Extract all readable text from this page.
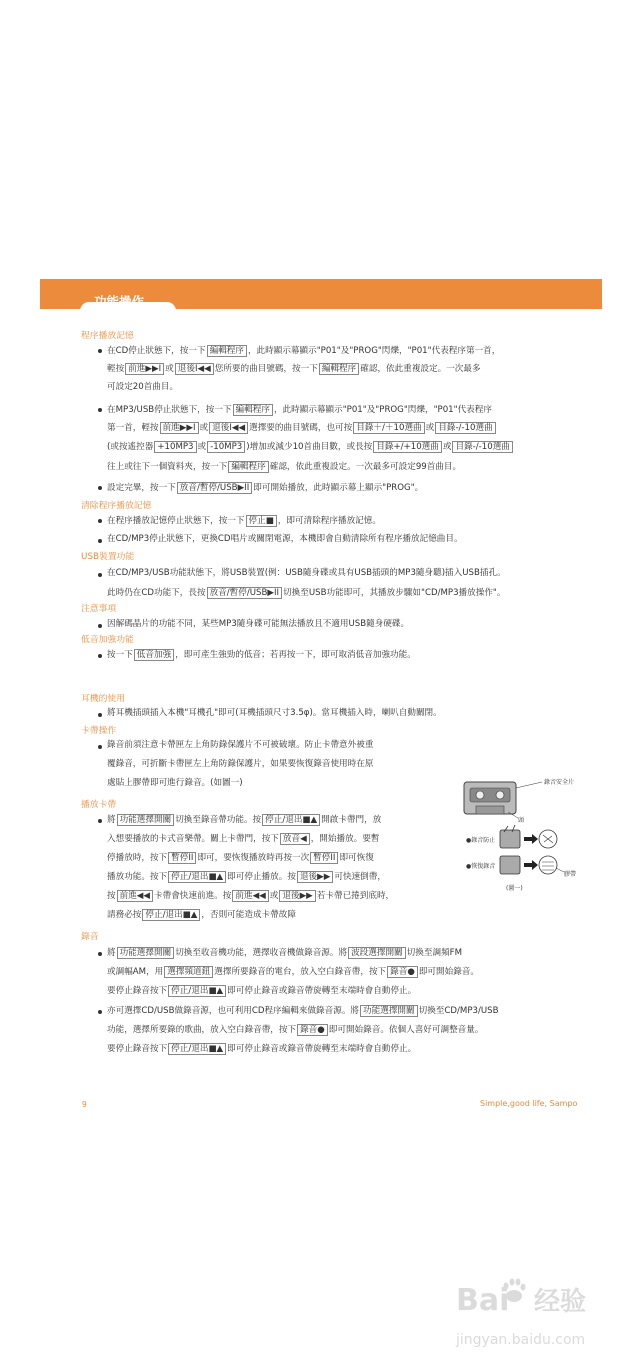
功能操作
程序播放記憶
在CD停止狀態下，按一下 編輯程序 ，此時顯示幕顯示"P01"及"PROG"閃爍，"P01"代表程序第一首，
輕按 前進▶▶I 或 退後I◀◀ 您所要的曲目號碼，按一下 編輯程序 確認，依此重複設定。一次最多
可設定20首曲目。
在MP3/USB停止狀態下，按一下 編輯程序 ，此時顯示幕顯示"P01"及"PROG"閃爍，"P01"代表程序
第一首，輕按 前進▶▶I 或 退後I◀◀ 選擇要的曲目號碼，也可按 目錄＋/＋10選曲 或 目錄-/-10選曲
(或按遙控器 +10MP3 或 -10MP3 )增加或減少10首曲目數，或長按 目錄+/+10選曲 或 目錄-/-10選曲
往上或往下一個資料夾，按一下 編輯程序 確認，依此重複設定。一次最多可設定99首曲目。
設定完畢，按一下 放音/暫停/USB▶II 即可開始播放，此時顯示幕上顯示"PROG"。
清除程序播放記憶
在程序播放記憶停止狀態下，按一下 停止■ ，即可清除程序播放記憶。
在CD/MP3停止狀態下，更換CD唱片或關閉電源，本機即會自動清除所有程序播放記憶曲目。
USB裝置功能
在CD/MP3/USB功能狀態下，將USB裝置(例：USB隨身碟或具有USB插頭的MP3隨身聽)插入USB插孔。
此時仍在CD功能下，長按 放音/暫停/USB▶II 切換至USB功能即可，其播放步驟如"CD/MP3播放操作"。
注意事項
因解碼晶片的功能不同，某些MP3隨身碟可能無法播放且不適用USB隨身硬碟。
低音加強功能
按一下 低音加強 ，即可產生強勁的低音；若再按一下，即可取消低音加強功能。
耳機的使用
將耳機插頭插入本機"耳機孔"即可(耳機插頭尺寸3.5φ)。當耳機插入時，喇叭自動關閉。
卡帶操作
錄音前須注意卡帶匣左上角防錄保護片不可被破壞。防止卡帶意外被重
覆錄音，可折斷卡帶匣左上角防錄保護片，如果要恢復錄音使用時在原
處貼上膠帶即可進行錄音。(如圖一)
播放卡帶
將 功能選擇開關 切換至錄音帶功能。按 停止/退出■▲ 開啟卡帶門，放
入想要播放的卡式音樂帶。關上卡帶門，按下 放音◀ ，開始播放。要暫
停播放時，按下 暫停II 即可，要恢復播放時再按一次 暫停II 即可恢復
播放功能。按下 停止/退出■▲ 即可停止播放。按 退後▶▶ 可快速倒帶，
按 前進◀◀ 卡帶會快速前進。按 前進◀◀ 或 退後▶▶ 若卡帶已捲到底時，
請務必按 停止/退出■▲ ，否則可能造成卡帶故障
錄音
將 功能選擇開關 切換至收音機功能，選擇收音機做錄音源。將 波段選擇開關 切換至調頻FM
或調幅AM，用 選擇頻道鈕 選擇所要錄音的電台，放入空白錄音帶，按下 錄音● 即可開始錄音。
要停止錄音按下 停止/退出■▲ 即可停止錄音或錄音帶旋轉至末端時會自動停止。
亦可選擇CD/USB做錄音源，也可利用CD程序編輯來做錄音源。將 功能選擇開關 切換至CD/MP3/USB
功能，選擇所要錄的歌曲，放入空白錄音帶，按下 錄音● 即可開始錄音。依個人喜好可調整音量。
要停止錄音按下 停止/退出■▲ 即可停止錄音或錄音帶旋轉至末端時會自動停止。
錄音安全片
頭
●錄音防止
●恢復錄音
膠帶
(圖一)
9	Simple,good life, Sampo
Bai 经验
jingyan.baidu.com
